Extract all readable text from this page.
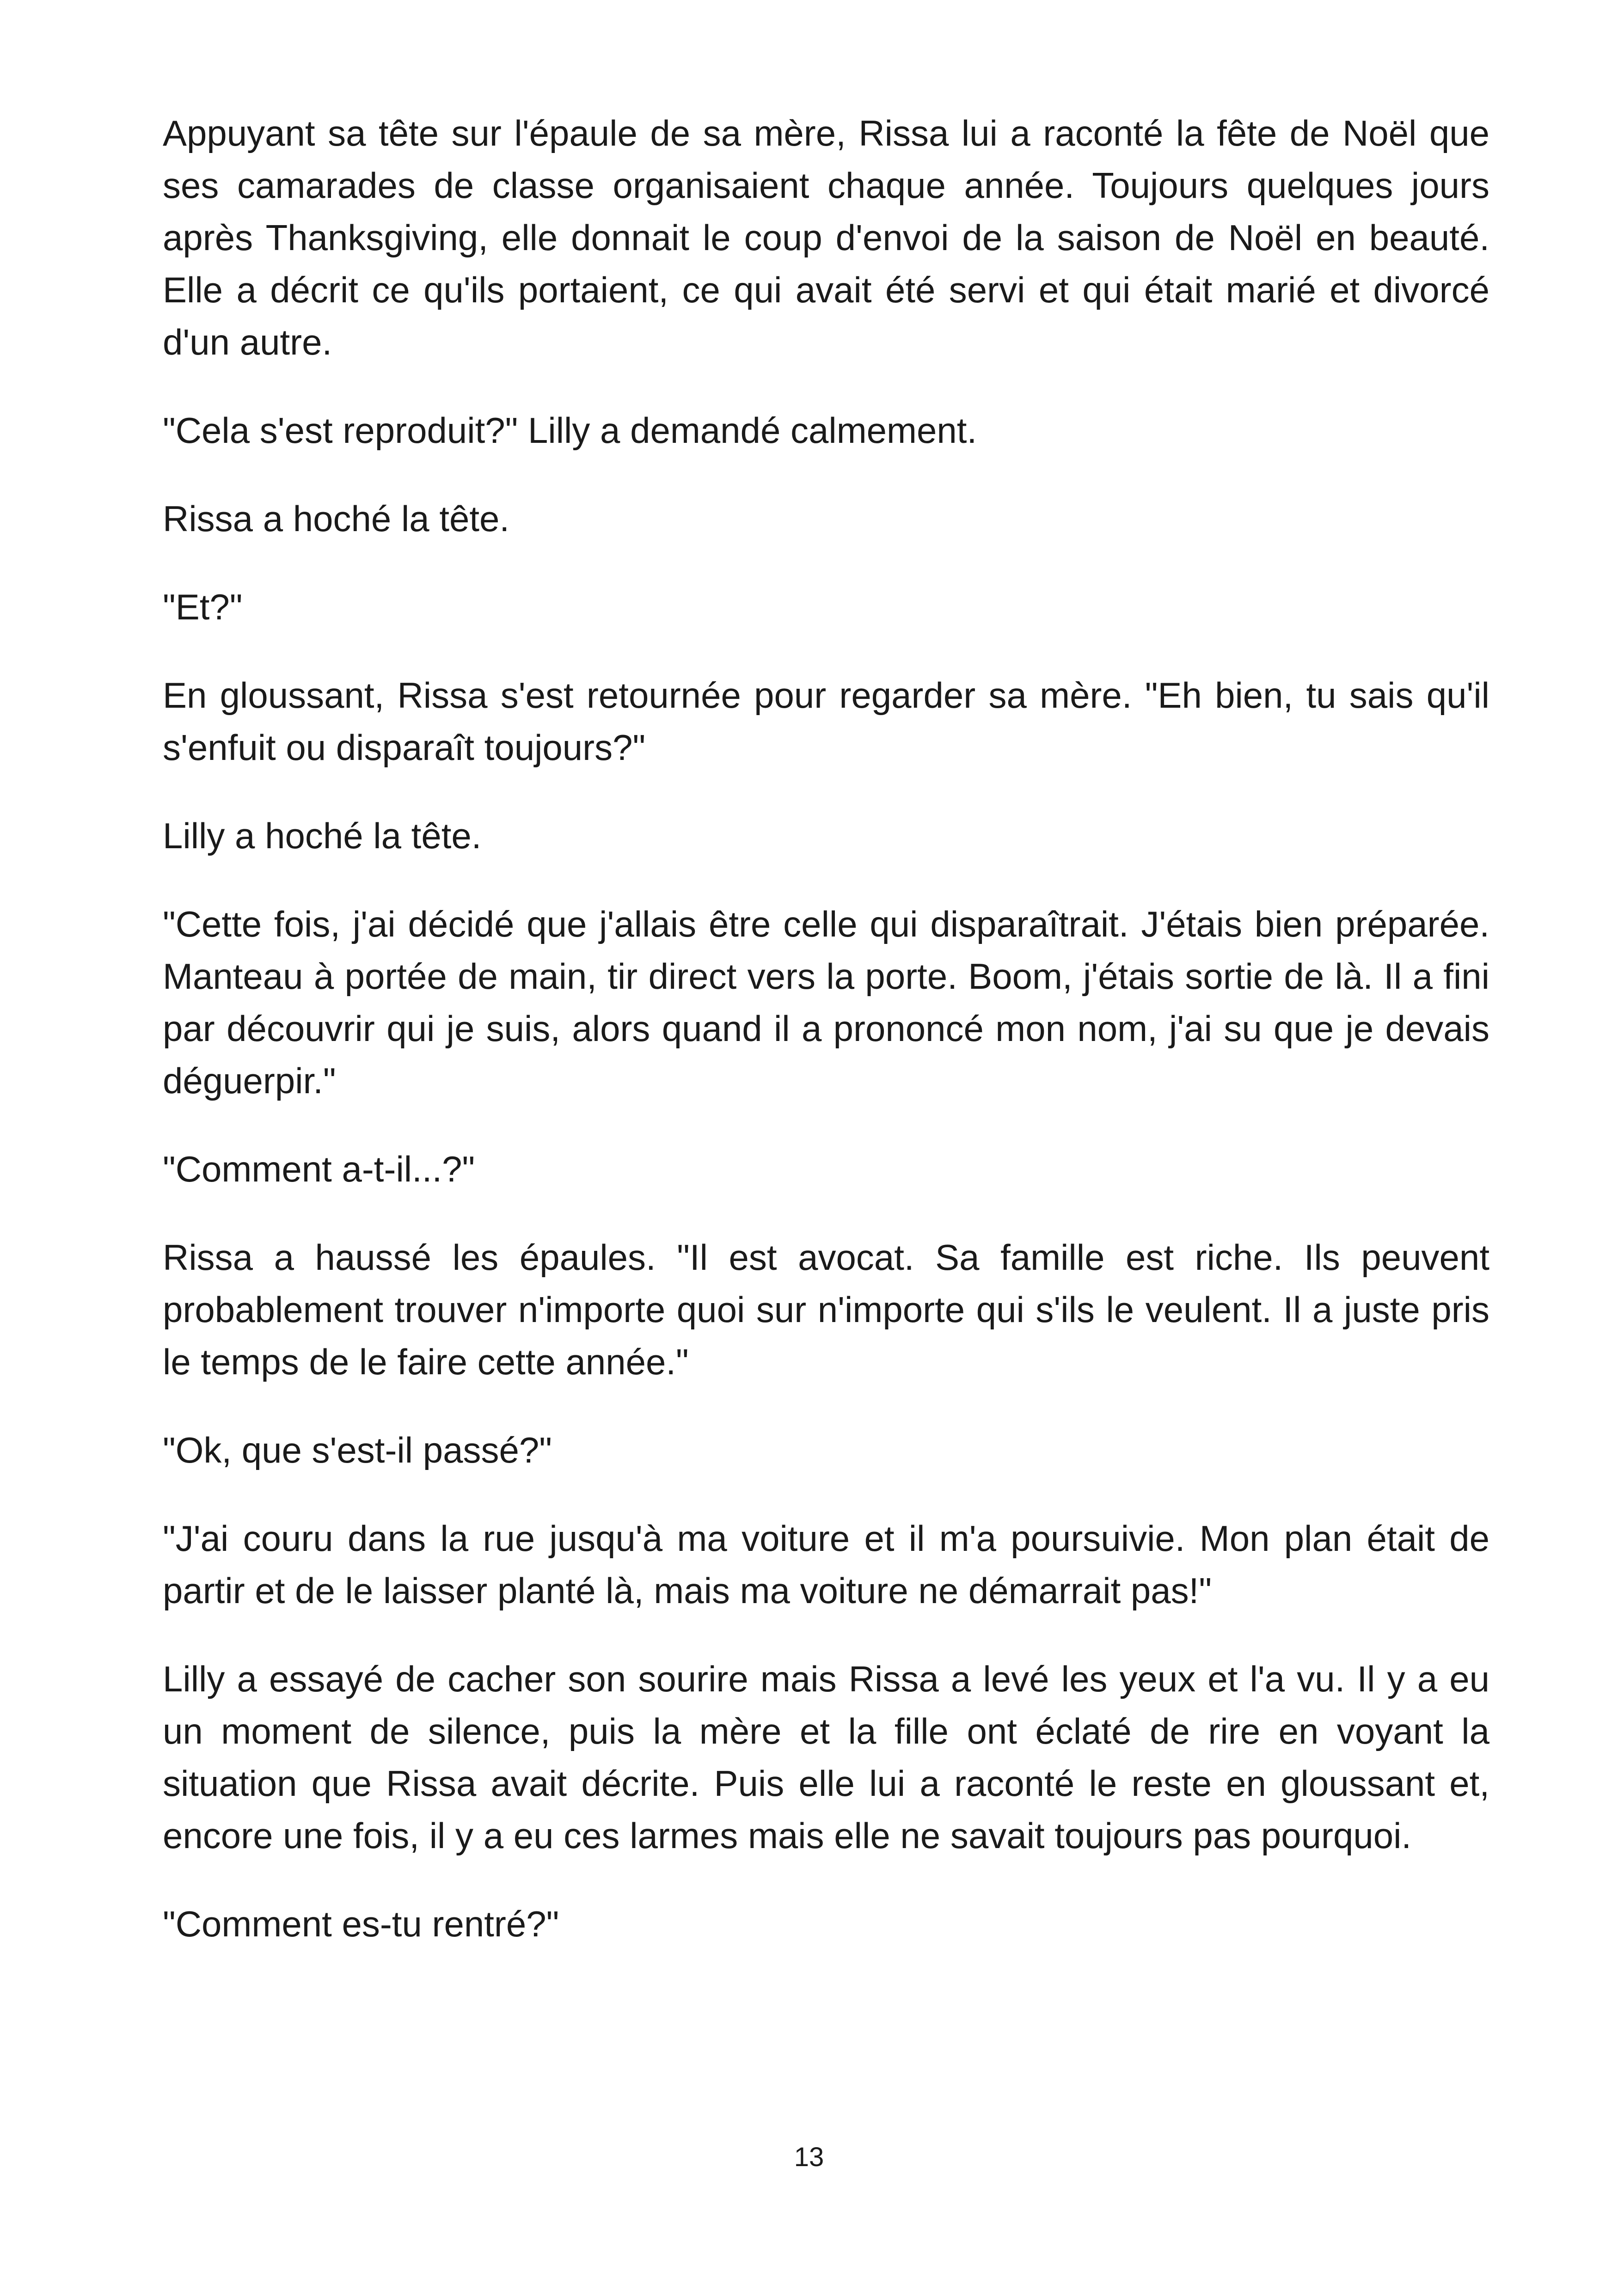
Appuyant sa tête sur l'épaule de sa mère, Rissa lui a raconté la fête de Noël que ses camarades de classe organisaient chaque année. Toujours quelques jours après Thanksgiving, elle donnait le coup d'envoi de la saison de Noël en beauté. Elle a décrit ce qu'ils portaient, ce qui avait été servi et qui était marié et divorcé d'un autre.

"Cela s'est reproduit?" Lilly a demandé calmement.

Rissa a hoché la tête.

"Et?"

En gloussant, Rissa s'est retournée pour regarder sa mère. "Eh bien, tu sais qu'il s'enfuit ou disparaît toujours?"

Lilly a hoché la tête.

"Cette fois, j'ai décidé que j'allais être celle qui disparaîtrait. J'étais bien préparée. Manteau à portée de main, tir direct vers la porte. Boom, j'étais sortie de là. Il a fini par découvrir qui je suis, alors quand il a prononcé mon nom, j'ai su que je devais déguerpir."

"Comment a-t-il...?"

Rissa a haussé les épaules. "Il est avocat. Sa famille est riche. Ils peuvent probablement trouver n'importe quoi sur n'importe qui s'ils le veulent. Il a juste pris le temps de le faire cette année."

"Ok, que s'est-il passé?"

"J'ai couru dans la rue jusqu'à ma voiture et il m'a poursuivie. Mon plan était de partir et de le laisser planté là, mais ma voiture ne démarrait pas!"

Lilly a essayé de cacher son sourire mais Rissa a levé les yeux et l'a vu. Il y a eu un moment de silence, puis la mère et la fille ont éclaté de rire en voyant la situation que Rissa avait décrite. Puis elle lui a raconté le reste en gloussant et, encore une fois, il y a eu ces larmes mais elle ne savait toujours pas pourquoi.

"Comment es-tu rentré?"

13
